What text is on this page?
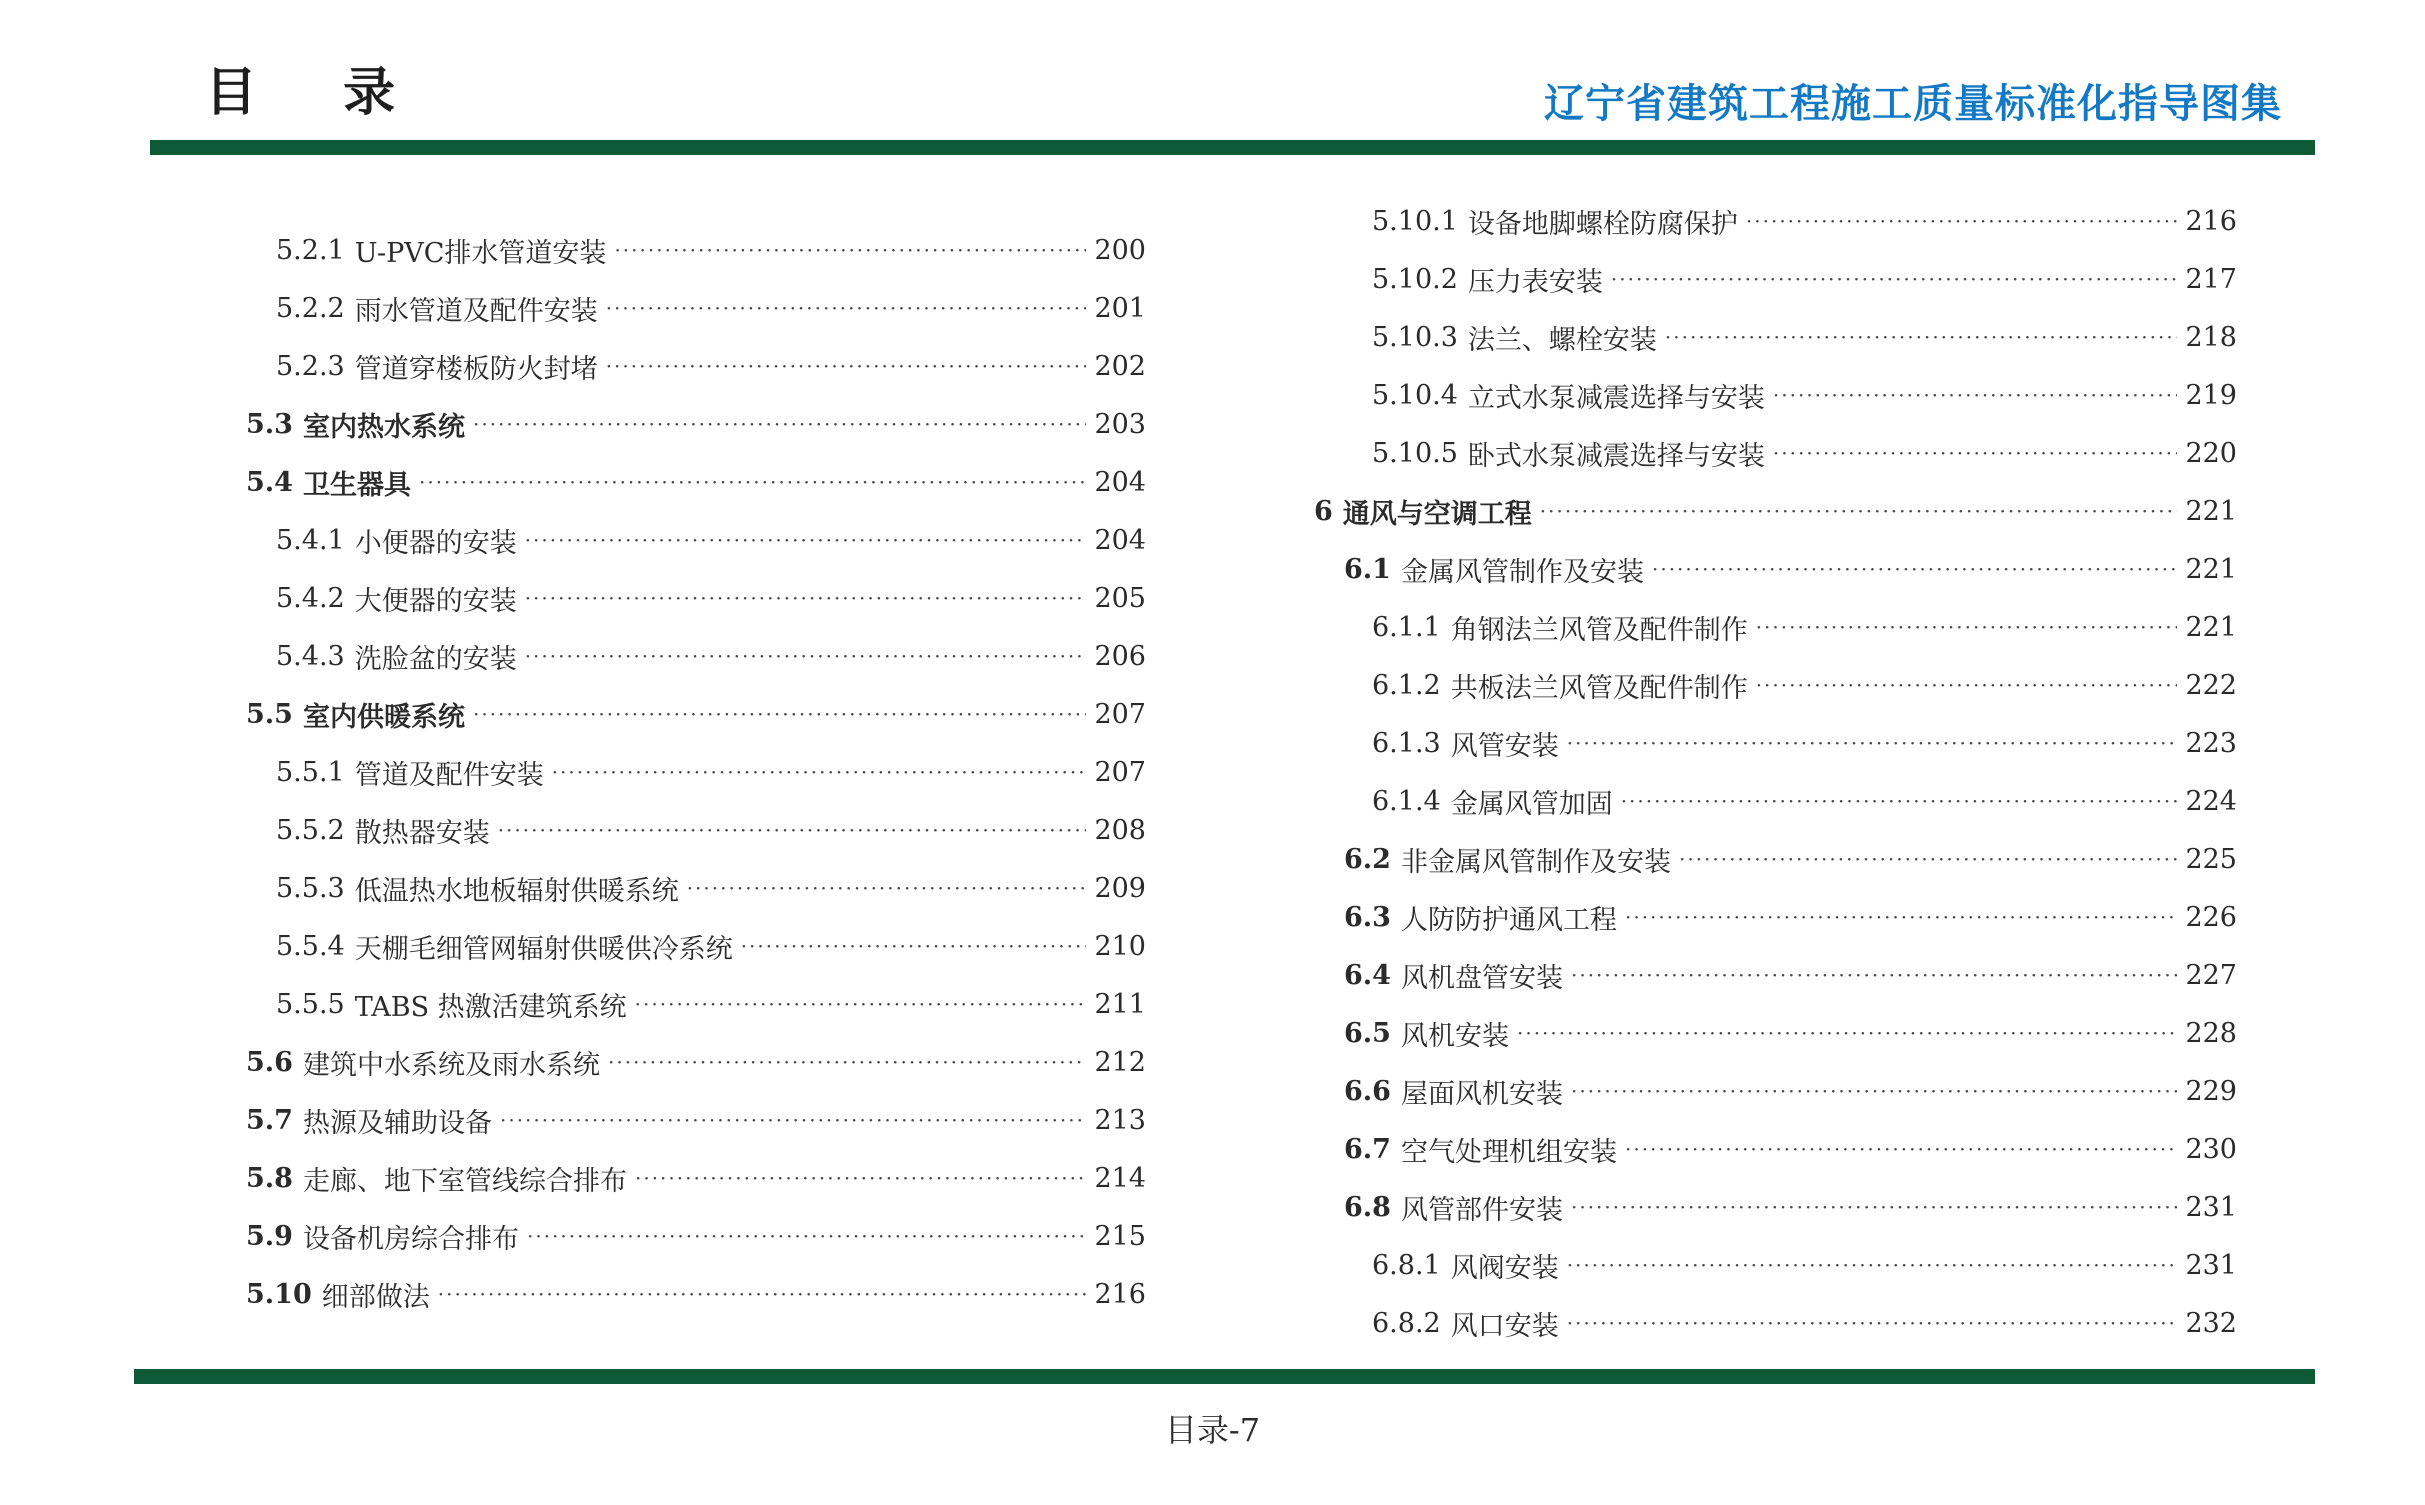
目 录	辽宁省建筑工程施工质量标准化指导图集
5.2.1 U-PVC排水管道安装 ·····	200
5.2.2 雨水管道及配件安装 ·····	201
5.2.3 管道穿楼板防火封堵 ·····	202
5.3 室内热水系统 ·····	203
5.4 卫生器具 ·····	204
5.4.1 小便器的安装 ·····	204
5.4.2 大便器的安装 ·····	205
5.4.3 洗脸盆的安装 ·····	206
5.5 室内供暖系统 ·····	207
5.5.1 管道及配件安装 ·····	207
5.5.2 散热器安装 ·····	208
5.5.3 低温热水地板辐射供暖系统 ·····	209
5.5.4 天棚毛细管网辐射供暖供冷系统 ·····	210
5.5.5 TABS 热激活建筑系统 ·····	211
5.6 建筑中水系统及雨水系统 ·····	212
5.7 热源及辅助设备 ·····	213
5.8 走廊、地下室管线综合排布 ·····	214
5.9 设备机房综合排布 ·····	215
5.10 细部做法 ·····	216
5.10.1 设备地脚螺栓防腐保护 ·····	216
5.10.2 压力表安装 ·····	217
5.10.3 法兰、螺栓安装 ·····	218
5.10.4 立式水泵减震选择与安装 ·····	219
5.10.5 卧式水泵减震选择与安装 ·····	220
6 通风与空调工程 ·····	221
6.1 金属风管制作及安装 ·····	221
6.1.1 角钢法兰风管及配件制作 ·····	221
6.1.2 共板法兰风管及配件制作 ·····	222
6.1.3 风管安装 ·····	223
6.1.4 金属风管加固 ·····	224
6.2 非金属风管制作及安装 ·····	225
6.3 人防防护通风工程 ·····	226
6.4 风机盘管安装 ·····	227
6.5 风机安装 ·····	228
6.6 屋面风机安装 ·····	229
6.7 空气处理机组安装 ·····	230
6.8 风管部件安装 ·····	231
6.8.1 风阀安装 ·····	231
6.8.2 风口安装 ·····	232
目录-7
